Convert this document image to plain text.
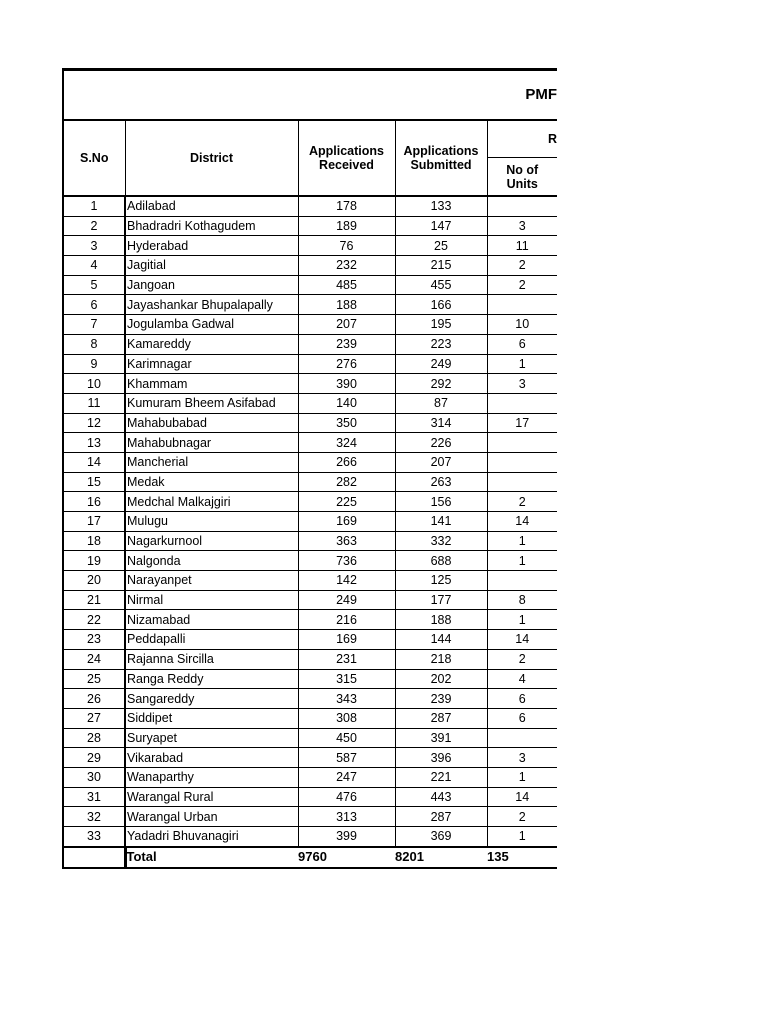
PMF				
S.No	District	Applications Received	Applications Submitted	R
				No of Units
1	Adilabad	178	133	
2	Bhadradri Kothagudem	189	147	3
3	Hyderabad	76	25	11
4	Jagitial	232	215	2
5	Jangoan	485	455	2
6	Jayashankar Bhupalapally	188	166	
7	Jogulamba Gadwal	207	195	10
8	Kamareddy	239	223	6
9	Karimnagar	276	249	1
10	Khammam	390	292	3
11	Kumuram Bheem Asifabad	140	87	
12	Mahabubabad	350	314	17
13	Mahabubnagar	324	226	
14	Mancherial	266	207	
15	Medak	282	263	
16	Medchal Malkajgiri	225	156	2
17	Mulugu	169	141	14
18	Nagarkurnool	363	332	1
19	Nalgonda	736	688	1
20	Narayanpet	142	125	
21	Nirmal	249	177	8
22	Nizamabad	216	188	1
23	Peddapalli	169	144	14
24	Rajanna Sircilla	231	218	2
25	Ranga Reddy	315	202	4
26	Sangareddy	343	239	6
27	Siddipet	308	287	6
28	Suryapet	450	391	
29	Vikarabad	587	396	3
30	Wanaparthy	247	221	1
31	Warangal Rural	476	443	14
32	Warangal Urban	313	287	2
33	Yadadri Bhuvanagiri	399	369	1
	Total	9760	8201	135
